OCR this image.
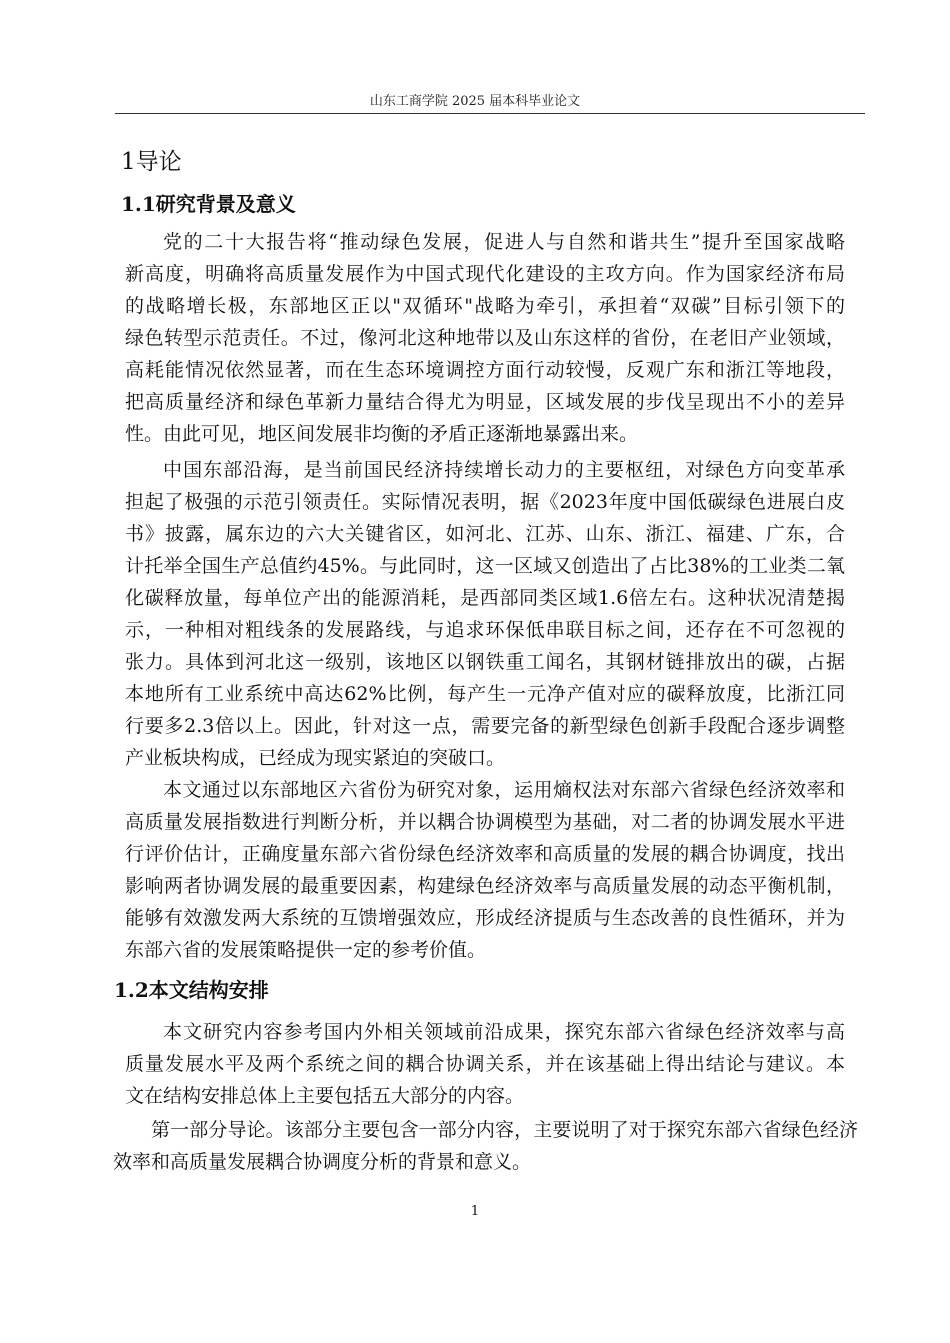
山东工商学院 2025 届本科毕业论文
1导论
1.1研究背景及意义
党的二十大报告将“推动绿色发展，促进人与自然和谐共生”提升至国家战略
新高度，明确将高质量发展作为中国式现代化建设的主攻方向。作为国家经济布局
的战略增长极，东部地区正以"双循环"战略为牵引，承担着“双碳”目标引领下的
绿色转型示范责任。不过，像河北这种地带以及山东这样的省份，在老旧产业领域，
高耗能情况依然显著，而在生态环境调控方面行动较慢，反观广东和浙江等地段，
把高质量经济和绿色革新力量结合得尤为明显，区域发展的步伐呈现出不小的差异
性。由此可见，地区间发展非均衡的矛盾正逐渐地暴露出来。
中国东部沿海，是当前国民经济持续增长动力的主要枢纽，对绿色方向变革承
担起了极强的示范引领责任。实际情况表明，据《2023年度中国低碳绿色进展白皮
书》披露，属东边的六大关键省区，如河北、江苏、山东、浙江、福建、广东，合
计托举全国生产总值约45%。与此同时，这一区域又创造出了占比38%的工业类二氧
化碳释放量，每单位产出的能源消耗，是西部同类区域1.6倍左右。这种状况清楚揭
示，一种相对粗线条的发展路线，与追求环保低串联目标之间，还存在不可忽视的
张力。具体到河北这一级别，该地区以钢铁重工闻名，其钢材链排放出的碳，占据
本地所有工业系统中高达62%比例，每产生一元净产值对应的碳释放度，比浙江同
行要多2.3倍以上。因此，针对这一点，需要完备的新型绿色创新手段配合逐步调整
产业板块构成，已经成为现实紧迫的突破口。
本文通过以东部地区六省份为研究对象，运用熵权法对东部六省绿色经济效率和
高质量发展指数进行判断分析，并以耦合协调模型为基础，对二者的协调发展水平进
行评价估计，正确度量东部六省份绿色经济效率和高质量的发展的耦合协调度，找出
影响两者协调发展的最重要因素，构建绿色经济效率与高质量发展的动态平衡机制，
能够有效激发两大系统的互馈增强效应，形成经济提质与生态改善的良性循环，并为
东部六省的发展策略提供一定的参考价值。
1.2本文结构安排
本文研究内容参考国内外相关领域前沿成果，探究东部六省绿色经济效率与高
质量发展水平及两个系统之间的耦合协调关系，并在该基础上得出结论与建议。本
文在结构安排总体上主要包括五大部分的内容。
第一部分导论。该部分主要包含一部分内容，主要说明了对于探究东部六省绿色经济
效率和高质量发展耦合协调度分析的背景和意义。
1
